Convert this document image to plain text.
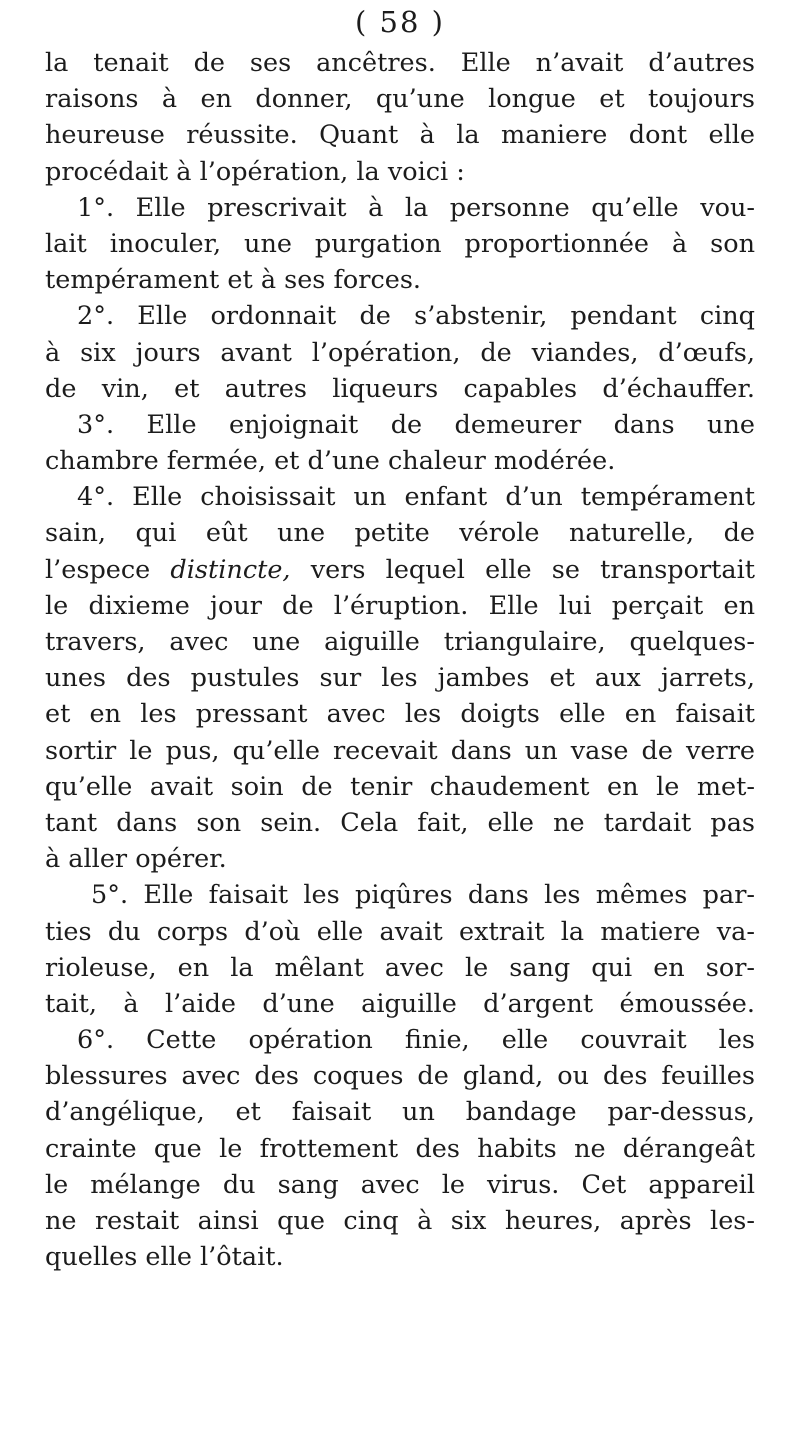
( 58 )
la tenait de ses ancêtres. Elle n’avait d’autres
raisons à en donner, qu’une longue et toujours
heureuse réussite. Quant à la maniere dont elle
procédait à l’opération, la voici :
1°. Elle prescrivait à la personne qu’elle vou-
lait inoculer, une purgation proportionnée à son
tempérament et à ses forces.
2°. Elle ordonnait de s’abstenir, pendant cinq
à six jours avant l’opération, de viandes, d’œufs,
de vin, et autres liqueurs capables d’échauffer.
3°. Elle enjoignait de demeurer dans une
chambre fermée, et d’une chaleur modérée.
4°. Elle choisissait un enfant d’un tempérament
sain, qui eût une petite vérole naturelle, de
l’espece distincte, vers lequel elle se transportait
le dixieme jour de l’éruption. Elle lui perçait en
travers, avec une aiguille triangulaire, quelques-
unes des pustules sur les jambes et aux jarrets,
et en les pressant avec les doigts elle en faisait
sortir le pus, qu’elle recevait dans un vase de verre
qu’elle avait soin de tenir chaudement en le met-
tant dans son sein. Cela fait, elle ne tardait pas
à aller opérer.
5°. Elle faisait les piqûres dans les mêmes par-
ties du corps d’où elle avait extrait la matiere va-
rioleuse, en la mêlant avec le sang qui en sor-
tait, à l’aide d’une aiguille d’argent émoussée.
6°. Cette opération finie, elle couvrait les
blessures avec des coques de gland, ou des feuilles
d’angélique, et faisait un bandage par-dessus,
crainte que le frottement des habits ne dérangeât
le mélange du sang avec le virus. Cet appareil
ne restait ainsi que cinq à six heures, après les-
quelles elle l’ôtait.
